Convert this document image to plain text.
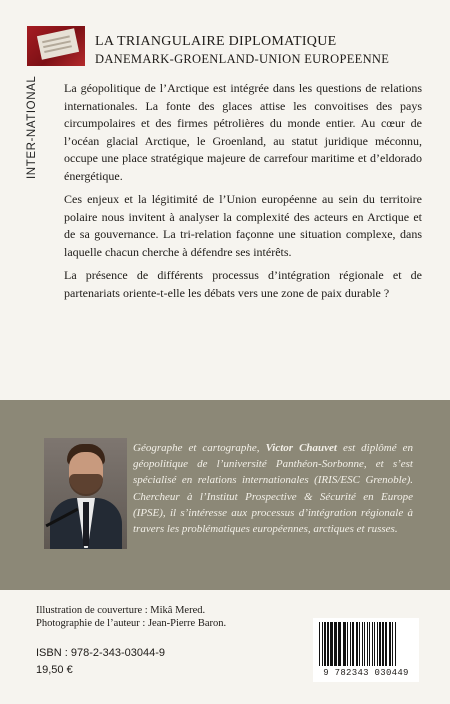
INTER-NATIONAL
LA TRIANGULAIRE DIPLOMATIQUE
DANEMARK-GROENLAND-UNION EUROPEENNE

La géopolitique de l’Arctique est intégrée dans les questions de relations internationales. La fonte des glaces attise les convoitises des pays circumpolaires et des firmes pétrolières du monde entier. Au cœur de l’océan glacial Arctique, le Groenland, au statut juridique méconnu, occupe une place stratégique majeure de carrefour maritime et d’eldorado énergétique.

Ces enjeux et la légitimité de l’Union européenne au sein du territoire polaire nous invitent à analyser la complexité des acteurs en Arctique et de sa gouvernance. La tri-relation façonne une situation complexe, dans laquelle chacun cherche à défendre ses intérêts.

La présence de différents processus d’intégration régionale et de partenariats oriente-t-elle les débats vers une zone de paix durable ?

Géographe et cartographe, Victor Chauvet est diplômé en géopolitique de l’université Panthéon-Sorbonne, et s’est spécialisé en relations internationales (IRIS/ESC Grenoble). Chercheur à l’Institut Prospective & Sécurité en Europe (IPSE), il s’intéresse aux processus d’intégration régionale à travers les problématiques européennes, arctiques et russes.
Illustration de couverture : Mikâ Mered.
Photographie de l’auteur : Jean-Pierre Baron.
ISBN : 978-2-343-03044-9
19,50 €	9 782343 030449
